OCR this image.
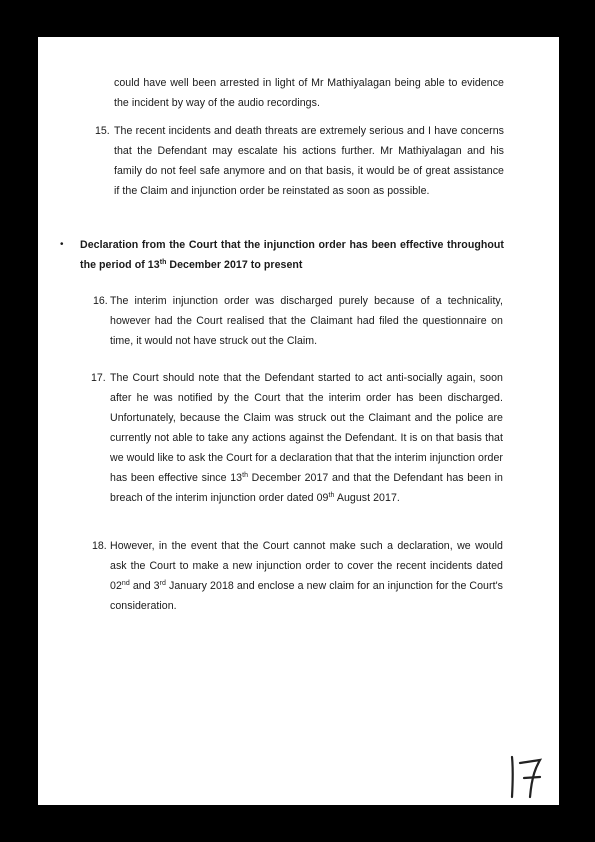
could have well been arrested in light of Mr Mathiyalagan being able to evidence the incident by way of the audio recordings.
15. The recent incidents and death threats are extremely serious and I have concerns that the Defendant may escalate his actions further. Mr Mathiyalagan and his family do not feel safe anymore and on that basis, it would be of great assistance if the Claim and injunction order be reinstated as soon as possible.
• Declaration from the Court that the injunction order has been effective throughout the period of 13th December 2017 to present
16. The interim injunction order was discharged purely because of a technicality, however had the Court realised that the Claimant had filed the questionnaire on time, it would not have struck out the Claim.
17. The Court should note that the Defendant started to act anti-socially again, soon after he was notified by the Court that the interim order has been discharged. Unfortunately, because the Claim was struck out the Claimant and the police are currently not able to take any actions against the Defendant. It is on that basis that we would like to ask the Court for a declaration that that the interim injunction order has been effective since 13th December 2017 and that the Defendant has been in breach of the interim injunction order dated 09th August 2017.
18. However, in the event that the Court cannot make such a declaration, we would ask the Court to make a new injunction order to cover the recent incidents dated 02nd and 3rd January 2018 and enclose a new claim for an injunction for the Court's consideration.
